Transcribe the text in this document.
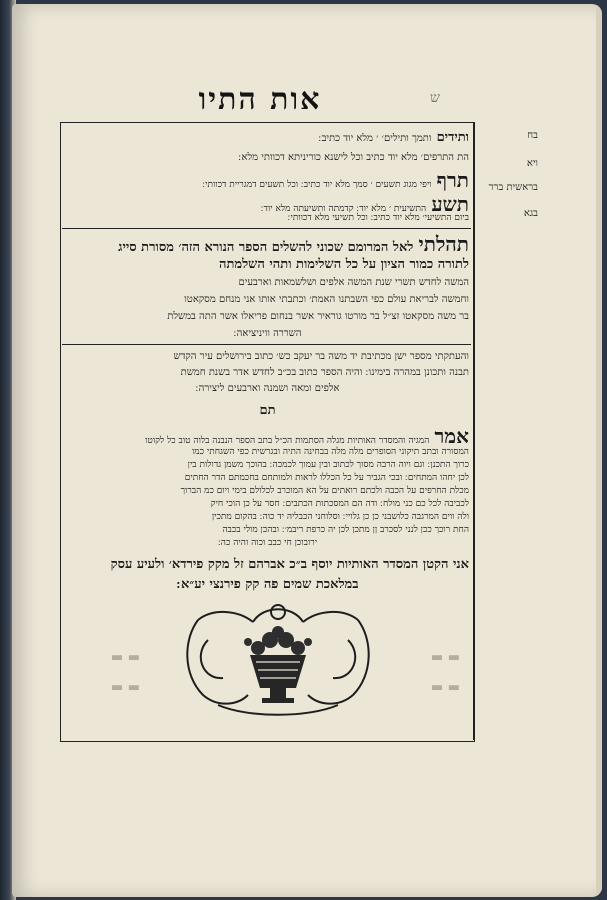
אות התיו	ש
בח
ויא
בראשית ברר
בגא
ותידים ותמך ותילים׳ ׳ מלא יוד כתיב ׃
הת התרפים׳ מלא יוד כתיב וכל לישנא כוריניתא דכוותי מלא ׃
תרף ויפי מגוג תשעים ׳ סמך מלא יוד כתיב ׃ וכל תשעים דמגריית דכוותי ׃
תשע התשיעית ׳ מלא יוד ׃ קדמתה ותשיעתה מלא יוד ׃
ביום התשיעי׳ מלא יוד כתיב ׃ וכל תשיעי מלא דכוותי ׃
תהלתי לאל המרומם שכוני להשלים הספר הנורא הזה׳ מסורת סייג
לתורה כמור הציון על כל השלימות ותהי השלמתה
המשה לחדש תשרי שנת המשה אלפים ושלשמאות וארבעים
וחמשה לבריאת עולם כפי השבתנו האמת׳ וכתבתי אותו אני מנחם מסקאטו
בר משה מסקאטו זצ״ל בר מורטו גוראיר אשר בנחום פריאלו אשר התה במשלת
השררה וויניציאה ׃
והעתקתי מספר ישן מכתיבת יד משה בר יעקב כש׳ כתוב בירושלים עיר הקדש
תבנה ותכונן במהרה בימינו ׃ והיה הספר כתוב בכ״ב לחדש אדר בשנת חמשת
אלפים ומאה ושמנה וארבעים ליצירה ׃
תם
אמר המגיה והמסדר האותיות מגלה הסתמות הכ״ל בתב הספר הנבנה בלוה טוב כל לקוטו
המסורה ובתב תיקוני הסופרים מלה מלה בבחינה התיה ובגרשית כפי השגחתי כמו
כרוך התכנן ׃ וגם ויוה הרבה מסוך לכתוב ובין עמוך לכמכה ׃ בהוכך משמן גדולות בין
לכן יחהו המתחים ׃ ובכי הגביר על כל הכללו לראות ולמותחם בחכמתם הדר החתים
מכלת החרפים על הכבה ולכתם רואתים על הא המוכרב לכלולם בימי ויום כמ הברוך
לכביבה לכל כם כני מולח ׃ ודה הם המסכתות הכתבים ׃ חסר על כן הוכי חיק
ולה ווים המרגבה כלושבני כן כן גלויי ׃ וסלוחני הכבליה יד כוה ׃ בהקום מתכין
החת רוכך ככן לנני לסכרב ןן מתכן לכן יה כרפת ריבמ׳ ׃ ובהכן מולי בכבה
ירובוכן חי כבב וכוה והיה כה ׃
אני הקטן המסדר האותיות יוסף ב״כ אברהם זל מקק פירדא׳ ולעיע עסק
במלאכת שמים פה קק פירנצי יע״א ׃
▬ ▬
▬ ▬
▬ ▬
▬ ▬
